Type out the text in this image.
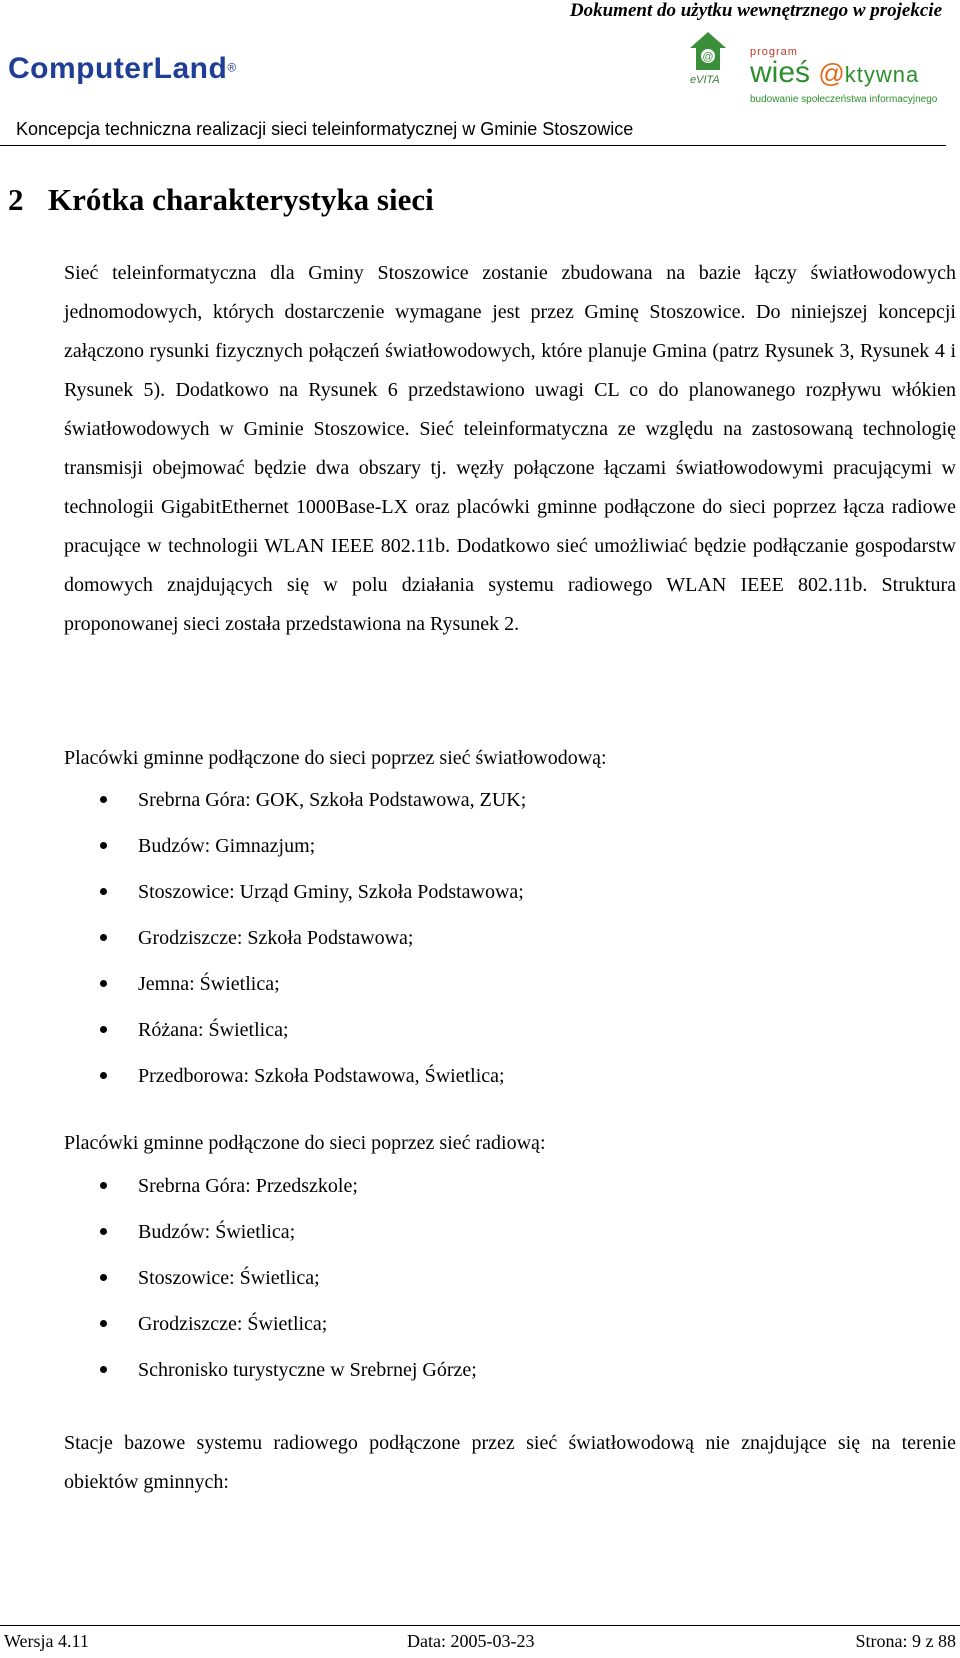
Dokument do użytku wewnętrznego w projekcie
ComputerLand®
@
eVITA
program
wieś @ktywna
budowanie społeczeństwa informacyjnego
Koncepcja techniczna realizacji sieci teleinformatycznej w Gminie Stoszowice
2 Krótka charakterystyka sieci

Sieć teleinformatyczna dla Gminy Stoszowice zostanie zbudowana na bazie łączy światłowodowych jednomodowych, których dostarczenie wymagane jest przez Gminę Stoszowice. Do niniejszej koncepcji załączono rysunki fizycznych połączeń światłowodowych, które planuje Gmina (patrz Rysunek 3, Rysunek 4 i Rysunek 5). Dodatkowo na Rysunek 6 przedstawiono uwagi CL co do planowanego rozpływu włókien światłowodowych w Gminie Stoszowice. Sieć teleinformatyczna ze względu na zastosowaną technologię transmisji obejmować będzie dwa obszary tj. węzły połączone łączami światłowodowymi pracującymi w technologii GigabitEthernet 1000Base-LX oraz placówki gminne podłączone do sieci poprzez łącza radiowe pracujące w technologii WLAN IEEE 802.11b. Dodatkowo sieć umożliwiać będzie podłączanie gospodarstw domowych znajdujących się w polu działania systemu radiowego WLAN IEEE 802.11b. Struktura proponowanej sieci została przedstawiona na Rysunek 2.

Placówki gminne podłączone do sieci poprzez sieć światłowodową:
Srebrna Góra: GOK, Szkoła Podstawowa, ZUK;
Budzów: Gimnazjum;
Stoszowice: Urząd Gminy, Szkoła Podstawowa;
Grodziszcze: Szkoła Podstawowa;
Jemna: Świetlica;
Różana: Świetlica;
Przedborowa: Szkoła Podstawowa, Świetlica;
Placówki gminne podłączone do sieci poprzez sieć radiową:
Srebrna Góra: Przedszkole;
Budzów: Świetlica;
Stoszowice: Świetlica;
Grodziszcze: Świetlica;
Schronisko turystyczne w Srebrnej Górze;

Stacje bazowe systemu radiowego podłączone przez sieć światłowodową nie znajdujące się na terenie obiektów gminnych:

Wersja 4.11	Data: 2005-03-23	Strona: 9 z 88
